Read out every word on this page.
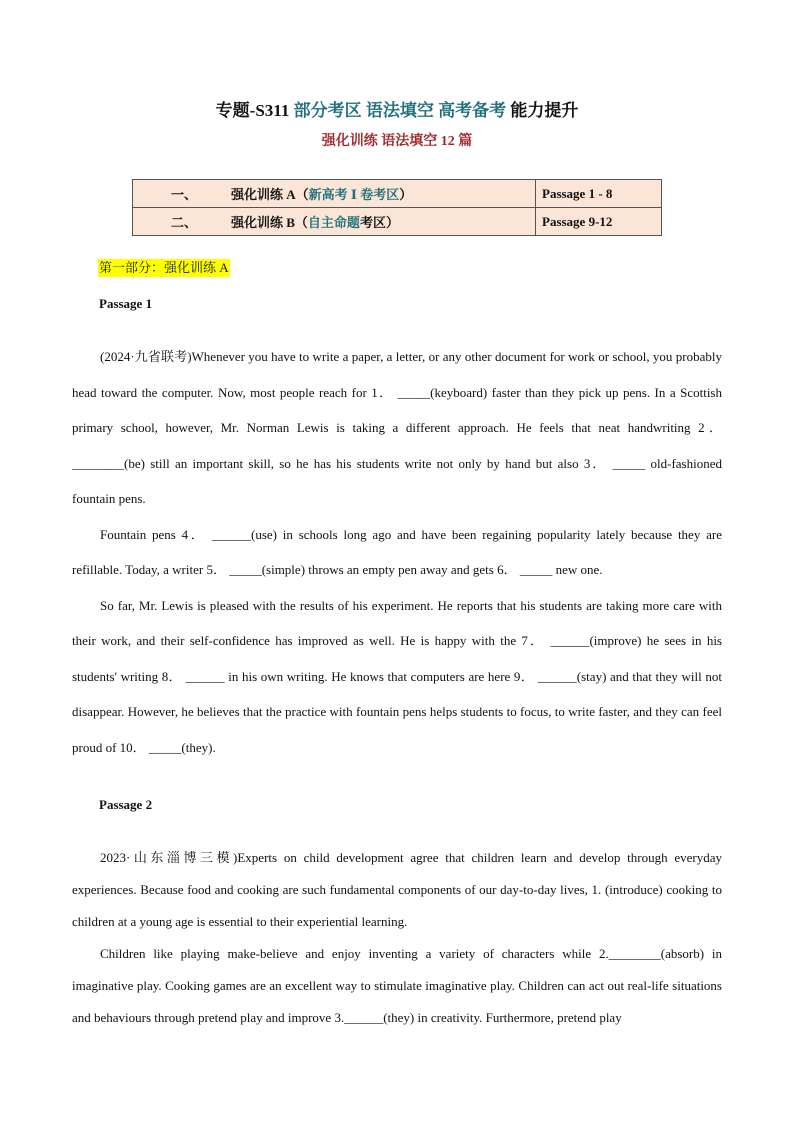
专题-S311 部分考区 语法填空 高考备考 能力提升
强化训练 语法填空 12 篇
一、 强化训练 A（新高考 Ⅰ 卷考区）	Passage 1 - 8
二、 强化训练 B（自主命题考区）	Passage 9-12
第一部分：强化训练 A
Passage 1

(2024·九省联考)Whenever you have to write a paper, a letter, or any other document for work or school, you probably head toward the computer. Now, most people reach for 1． _____(keyboard) faster than they pick up pens. In a Scottish primary school, however, Mr. Norman Lewis is taking a different approach. He feels that neat handwriting 2． ________(be) still an important skill, so he has his students write not only by hand but also 3． _____ old-fashioned fountain pens.

Fountain pens 4． ______(use) in schools long ago and have been regaining popularity lately because they are refillable. Today, a writer 5． _____(simple) throws an empty pen away and gets 6． _____ new one.

So far, Mr. Lewis is pleased with the results of his experiment. He reports that his students are taking more care with their work, and their self-confidence has improved as well. He is happy with the 7． ______(improve) he sees in his students' writing 8． ______ in his own writing. He knows that computers are here 9． ______(stay) and that they will not disappear. However, he believes that the practice with fountain pens helps students to focus, to write faster, and they can feel proud of 10． _____(they).

Passage 2

2023·山东淄博三模)Experts on child development agree that children learn and develop through everyday experiences. Because food and cooking are such fundamental components of our day-to-day lives, 1. (introduce) cooking to children at a young age is essential to their experiential learning.

Children like playing make-believe and enjoy inventing a variety of characters while 2.________(absorb) in imaginative play. Cooking games are an excellent way to stimulate imaginative play. Children can act out real-life situations and behaviours through pretend play and improve 3.______(they) in creativity. Furthermore, pretend play
